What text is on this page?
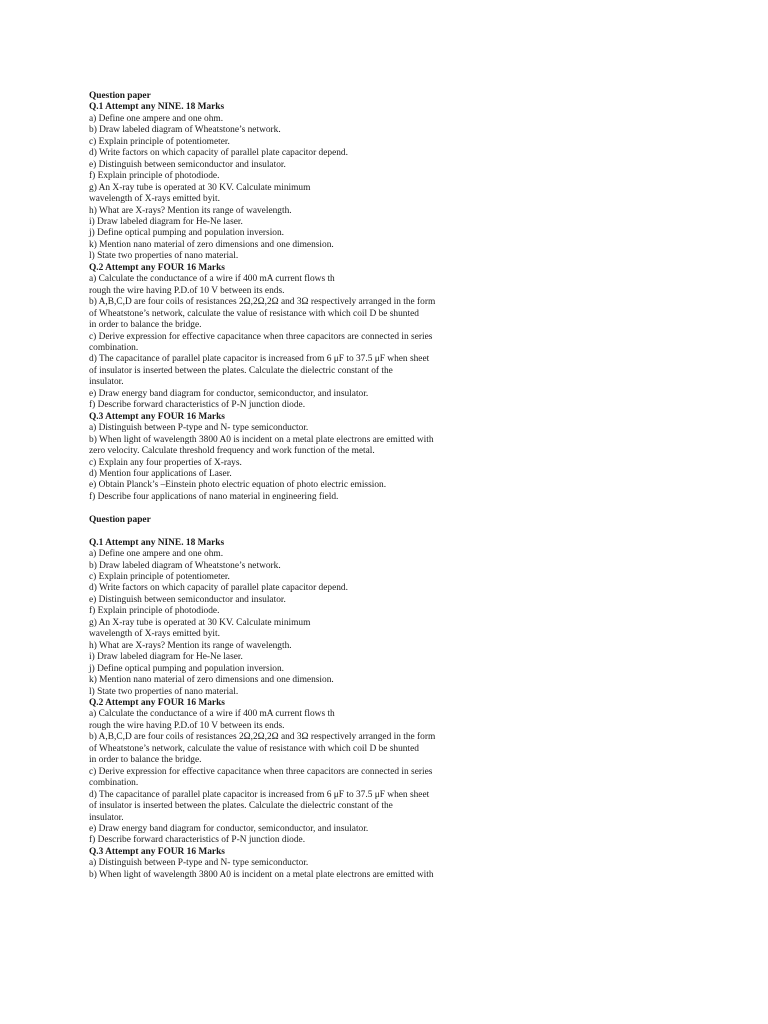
Question paper
Q.1 Attempt any NINE. 18 Marks
a) Define one ampere and one ohm.
b) Draw labeled diagram of Wheatstone’s network.
c) Explain principle of potentiometer.
d) Write factors on which capacity of parallel plate capacitor depend.
e) Distinguish between semiconductor and insulator.
f) Explain principle of photodiode.
g) An X-ray tube is operated at 30 KV. Calculate minimum
wavelength of X-rays emitted byit.
h) What are X-rays? Mention its range of wavelength.
i) Draw labeled diagram for He-Ne laser.
j) Define optical pumping and population inversion.
k) Mention nano material of zero dimensions and one dimension.
l) State two properties of nano material.
Q.2 Attempt any FOUR 16 Marks
a) Calculate the conductance of a wire if 400 mA current flows th
rough the wire having P.D.of 10 V between its ends.
b) A,B,C,D are four coils of resistances 2Ω,2Ω,2Ω and 3Ω respectively arranged in the form
of Wheatstone’s network, calculate the value of resistance with which coil D be shunted
in order to balance the bridge.
c) Derive expression for effective capacitance when three capacitors are connected in series
combination.
d) The capacitance of parallel plate capacitor is increased from 6 μF to 37.5 μF when sheet
of insulator is inserted between the plates. Calculate the dielectric constant of the
insulator.
e) Draw energy band diagram for conductor, semiconductor, and insulator.
f) Describe forward characteristics of P-N junction diode.
Q.3 Attempt any FOUR 16 Marks
a) Distinguish between P-type and N- type semiconductor.
b) When light of wavelength 3800 A0 is incident on a metal plate electrons are emitted with
zero velocity. Calculate threshold frequency and work function of the metal.
c) Explain any four properties of X-rays.
d) Mention four applications of Laser.
e) Obtain Planck’s –Einstein photo electric equation of photo electric emission.
f) Describe four applications of nano material in engineering field.
Question paper
Q.1 Attempt any NINE. 18 Marks
a) Define one ampere and one ohm.
b) Draw labeled diagram of Wheatstone’s network.
c) Explain principle of potentiometer.
d) Write factors on which capacity of parallel plate capacitor depend.
e) Distinguish between semiconductor and insulator.
f) Explain principle of photodiode.
g) An X-ray tube is operated at 30 KV. Calculate minimum
wavelength of X-rays emitted byit.
h) What are X-rays? Mention its range of wavelength.
i) Draw labeled diagram for He-Ne laser.
j) Define optical pumping and population inversion.
k) Mention nano material of zero dimensions and one dimension.
l) State two properties of nano material.
Q.2 Attempt any FOUR 16 Marks
a) Calculate the conductance of a wire if 400 mA current flows th
rough the wire having P.D.of 10 V between its ends.
b) A,B,C,D are four coils of resistances 2Ω,2Ω,2Ω and 3Ω respectively arranged in the form
of Wheatstone’s network, calculate the value of resistance with which coil D be shunted
in order to balance the bridge.
c) Derive expression for effective capacitance when three capacitors are connected in series
combination.
d) The capacitance of parallel plate capacitor is increased from 6 μF to 37.5 μF when sheet
of insulator is inserted between the plates. Calculate the dielectric constant of the
insulator.
e) Draw energy band diagram for conductor, semiconductor, and insulator.
f) Describe forward characteristics of P-N junction diode.
Q.3 Attempt any FOUR 16 Marks
a) Distinguish between P-type and N- type semiconductor.
b) When light of wavelength 3800 A0 is incident on a metal plate electrons are emitted with
